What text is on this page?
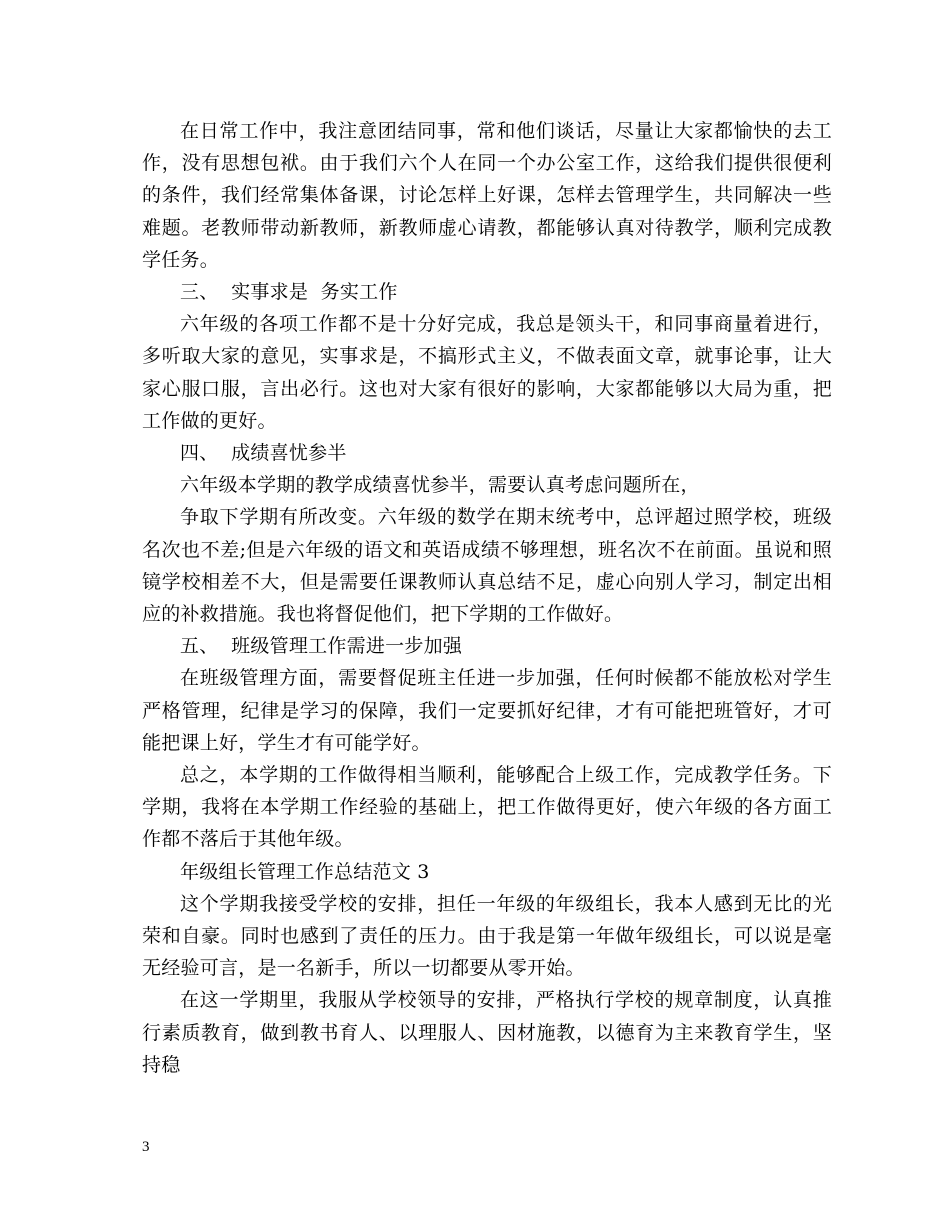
在日常工作中，我注意团结同事，常和他们谈话，尽量让大家都愉快的去工作，没有思想包袱。由于我们六个人在同一个办公室工作，这给我们提供很便利的条件，我们经常集体备课，讨论怎样上好课，怎样去管理学生，共同解决一些难题。老教师带动新教师，新教师虚心请教，都能够认真对待教学，顺利完成教学任务。

三、  实事求是  务实工作

六年级的各项工作都不是十分好完成，我总是领头干，和同事商量着进行，多听取大家的意见，实事求是，不搞形式主义，不做表面文章，就事论事，让大家心服口服，言出必行。这也对大家有很好的影响，大家都能够以大局为重，把工作做的更好。

四、  成绩喜忧参半

六年级本学期的教学成绩喜忧参半，需要认真考虑问题所在，

争取下学期有所改变。六年级的数学在期末统考中，总评超过照学校，班级名次也不差;但是六年级的语文和英语成绩不够理想，班名次不在前面。虽说和照镜学校相差不大，但是需要任课教师认真总结不足，虚心向别人学习，制定出相应的补救措施。我也将督促他们，把下学期的工作做好。

五、  班级管理工作需进一步加强

在班级管理方面，需要督促班主任进一步加强，任何时候都不能放松对学生严格管理，纪律是学习的保障，我们一定要抓好纪律，才有可能把班管好，才可能把课上好，学生才有可能学好。

总之，本学期的工作做得相当顺利，能够配合上级工作，完成教学任务。下学期，我将在本学期工作经验的基础上，把工作做得更好，使六年级的各方面工作都不落后于其他年级。

年级组长管理工作总结范文 3

这个学期我接受学校的安排，担任一年级的年级组长，我本人感到无比的光荣和自豪。同时也感到了责任的压力。由于我是第一年做年级组长，可以说是毫无经验可言，是一名新手，所以一切都要从零开始。

在这一学期里，我服从学校领导的安排，严格执行学校的规章制度，认真推行素质教育，做到教书育人、以理服人、因材施教，以德育为主来教育学生，坚持稳

3
